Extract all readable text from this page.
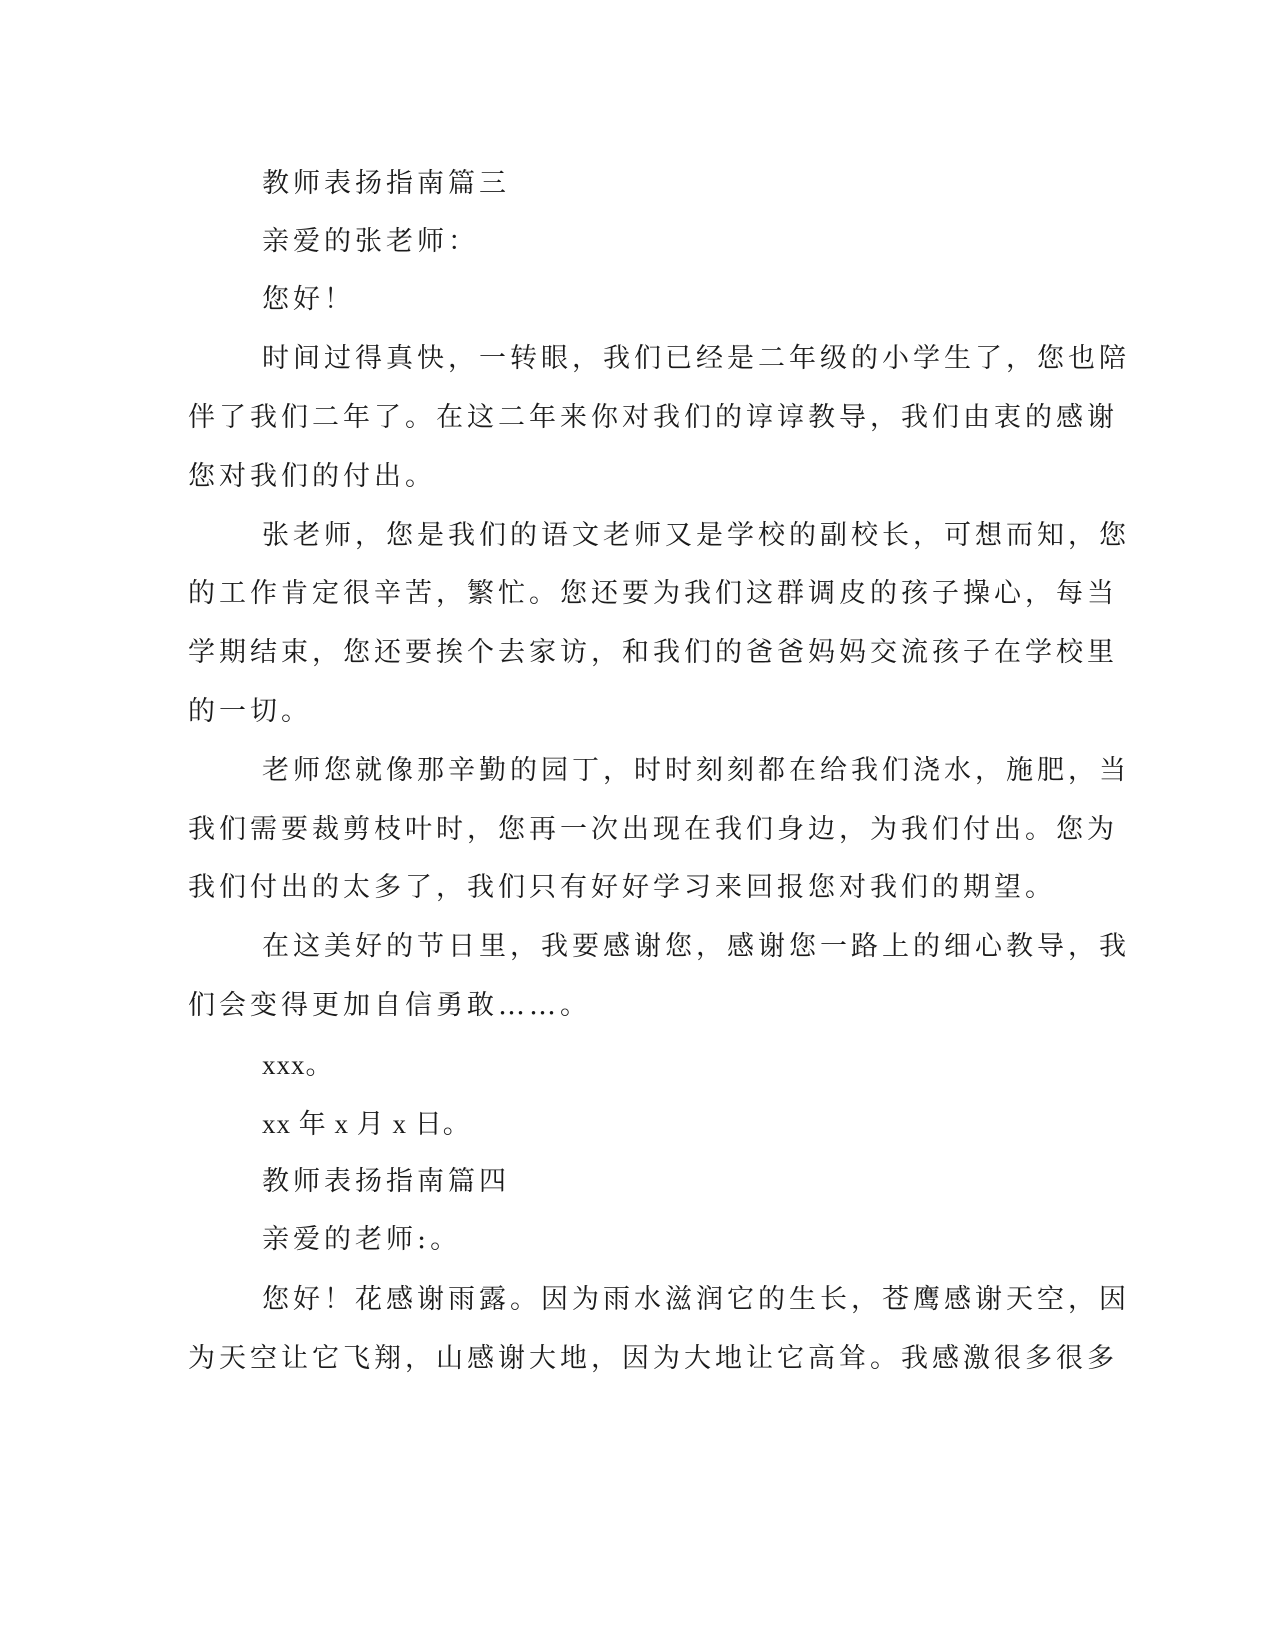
教师表扬指南篇三
亲爱的张老师：
您好！
时间过得真快，一转眼，我们已经是二年级的小学生了，您也陪
伴了我们二年了。在这二年来你对我们的谆谆教导，我们由衷的感谢
您对我们的付出。
张老师，您是我们的语文老师又是学校的副校长，可想而知，您
的工作肯定很辛苦，繁忙。您还要为我们这群调皮的孩子操心，每当
学期结束，您还要挨个去家访，和我们的爸爸妈妈交流孩子在学校里
的一切。
老师您就像那辛勤的园丁，时时刻刻都在给我们浇水，施肥，当
我们需要裁剪枝叶时，您再一次出现在我们身边，为我们付出。您为
我们付出的太多了，我们只有好好学习来回报您对我们的期望。
在这美好的节日里，我要感谢您，感谢您一路上的细心教导，我
们会变得更加自信勇敢……。
xxx。
xx 年 x 月 x 日。
教师表扬指南篇四
亲爱的老师:。
您好！花感谢雨露。因为雨水滋润它的生长，苍鹰感谢天空，因
为天空让它飞翔，山感谢大地，因为大地让它高耸。我感激很多很多
